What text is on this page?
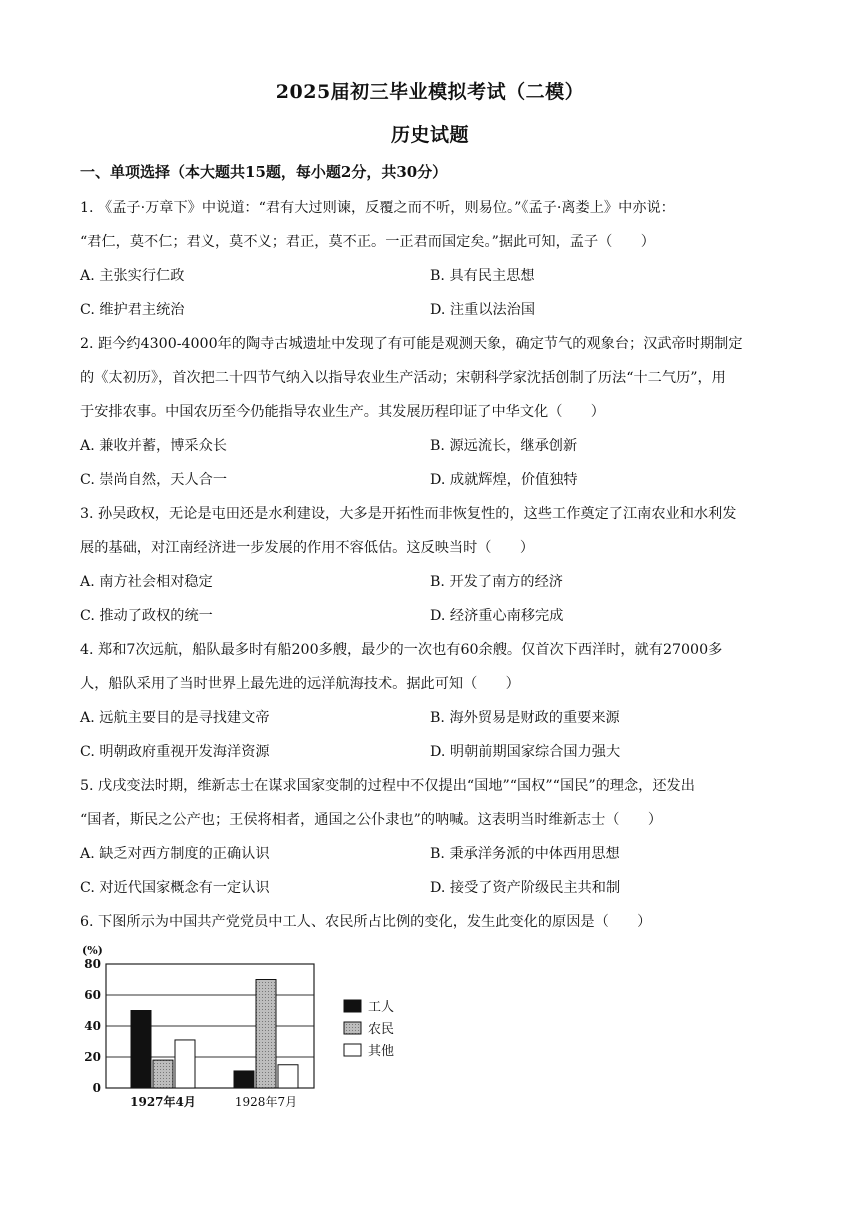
2025届初三毕业模拟考试（二模）
历史试题
一、单项选择（本大题共15题，每小题2分，共30分）
1. 《孟子·万章下》中说道：“君有大过则谏，反覆之而不听，则易位。”《孟子·离娄上》中亦说：
“君仁，莫不仁；君义，莫不义；君正，莫不正。一正君而国定矣。”据此可知，孟子（　　）
A. 主张实行仁政	B. 具有民主思想
C. 维护君主统治	D. 注重以法治国
2. 距今约4300-4000年的陶寺古城遗址中发现了有可能是观测天象，确定节气的观象台；汉武帝时期制定
的《太初历》，首次把二十四节气纳入以指导农业生产活动；宋朝科学家沈括创制了历法“十二气历”，用
于安排农事。中国农历至今仍能指导农业生产。其发展历程印证了中华文化（　　）
A. 兼收并蓄，博采众长	B. 源远流长，继承创新
C. 崇尚自然，天人合一	D. 成就辉煌，价值独特
3. 孙吴政权，无论是屯田还是水利建设，大多是开拓性而非恢复性的，这些工作奠定了江南农业和水利发
展的基础，对江南经济进一步发展的作用不容低估。这反映当时（　　）
A. 南方社会相对稳定	B. 开发了南方的经济
C. 推动了政权的统一	D. 经济重心南移完成
4. 郑和7次远航，船队最多时有船200多艘，最少的一次也有60余艘。仅首次下西洋时，就有27000多
人，船队采用了当时世界上最先进的远洋航海技术。据此可知（　　）
A. 远航主要目的是寻找建文帝	B. 海外贸易是财政的重要来源
C. 明朝政府重视开发海洋资源	D. 明朝前期国家综合国力强大
5. 戊戌变法时期，维新志士在谋求国家变制的过程中不仅提出“国地”“国权”“国民”的理念，还发出
“国者，斯民之公产也；王侯将相者，通国之公仆隶也”的呐喊。这表明当时维新志士（　　）
A. 缺乏对西方制度的正确认识	B. 秉承洋务派的中体西用思想
C. 对近代国家概念有一定认识	D. 接受了资产阶级民主共和制
6. 下图所示为中国共产党党员中工人、农民所占比例的变化，发生此变化的原因是（　　）
0
20
40
60
80
(%)
1927年4月	1928年7月
工人
农民
其他
